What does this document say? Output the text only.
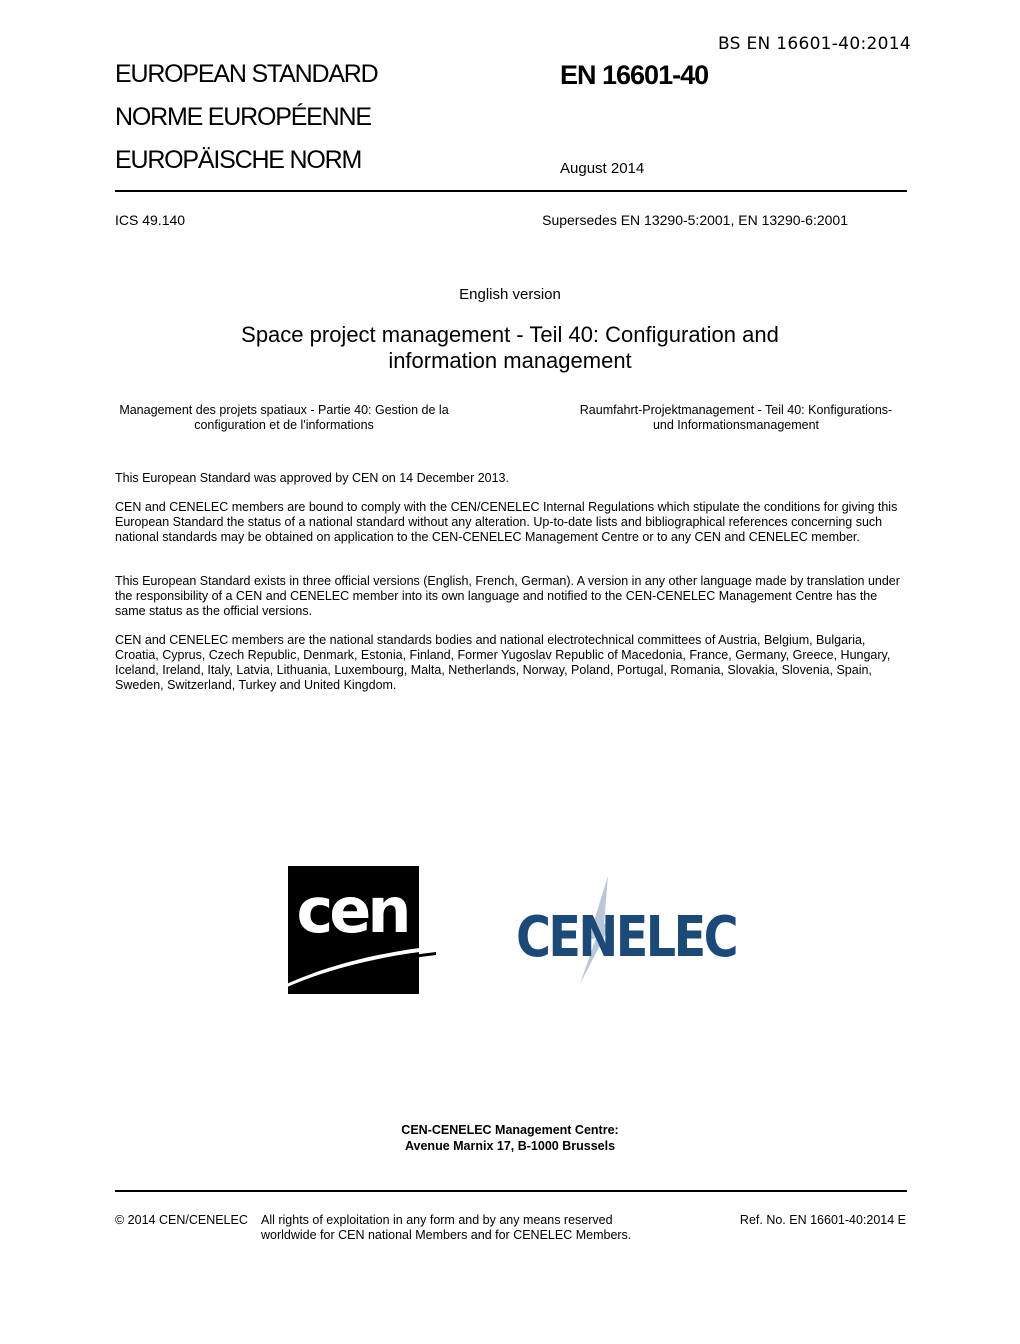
BS EN 16601-40:2014
EUROPEAN STANDARD
NORME EUROPÉENNE
EUROPÄISCHE NORM
EN 16601-40
August 2014
ICS 49.140	Supersedes EN 13290-5:2001, EN 13290-6:2001
English version
Space project management - Teil 40: Configuration and
information management
Management des projets spatiaux - Partie 40: Gestion de la
configuration et de l'informations
Raumfahrt-Projektmanagement - Teil 40: Konfigurations-
und Informationsmanagement

This European Standard was approved by CEN on 14 December 2013.

CEN and CENELEC members are bound to comply with the CEN/CENELEC Internal Regulations which stipulate the conditions for giving this European Standard the status of a national standard without any alteration. Up-to-date lists and bibliographical references concerning such national standards may be obtained on application to the CEN-CENELEC Management Centre or to any CEN and CENELEC member.

This European Standard exists in three official versions (English, French, German). A version in any other language made by translation under the responsibility of a CEN and CENELEC member into its own language and notified to the CEN-CENELEC Management Centre has the same status as the official versions.

CEN and CENELEC members are the national standards bodies and national electrotechnical committees of Austria, Belgium, Bulgaria, Croatia, Cyprus, Czech Republic, Denmark, Estonia, Finland, Former Yugoslav Republic of Macedonia, France, Germany, Greece, Hungary, Iceland, Ireland, Italy, Latvia, Lithuania, Luxembourg, Malta, Netherlands, Norway, Poland, Portugal, Romania, Slovakia, Slovenia, Spain, Sweden, Switzerland, Turkey and United Kingdom.

cen CENELEC
CEN-CENELEC Management Centre:
Avenue Marnix 17, B-1000 Brussels
© 2014 CEN/CENELEC All rights of exploitation in any form and by any means reserved worldwide for CEN national Members and for CENELEC Members.
Ref. No. EN 16601-40:2014 E
